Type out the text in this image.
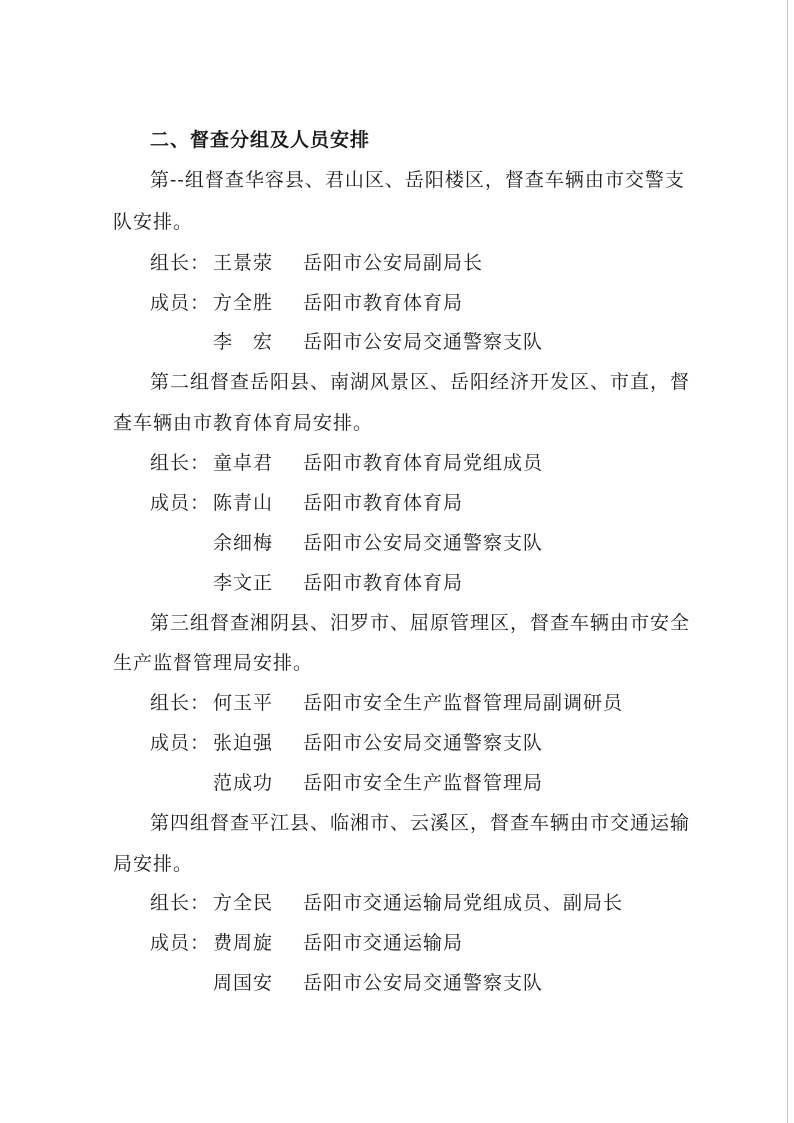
二、督查分组及人员安排
第--组督查华容县、君山区、岳阳楼区，督查车辆由市交警支
队安排。
组长： 王景荥 岳阳市公安局副局长
成员： 方全胜 岳阳市教育体育局
李　宏 岳阳市公安局交通警察支队
第二组督查岳阳县、南湖风景区、岳阳经济开发区、市直，督
查车辆由市教育体育局安排。
组长： 童卓君 岳阳市教育体育局党组成员
成员： 陈青山 岳阳市教育体育局
余细梅 岳阳市公安局交通警察支队
李文正 岳阳市教育体育局
第三组督查湘阴县、汨罗市、屈原管理区，督查车辆由市安全
生产监督管理局安排。
组长： 何玉平 岳阳市安全生产监督管理局副调研员
成员： 张迫强 岳阳市公安局交通警察支队
范成功 岳阳市安全生产监督管理局
第四组督查平江县、临湘市、云溪区，督查车辆由市交通运输
局安排。
组长： 方全民 岳阳市交通运输局党组成员、副局长
成员： 费周旋 岳阳市交通运输局
周国安 岳阳市公安局交通警察支队
